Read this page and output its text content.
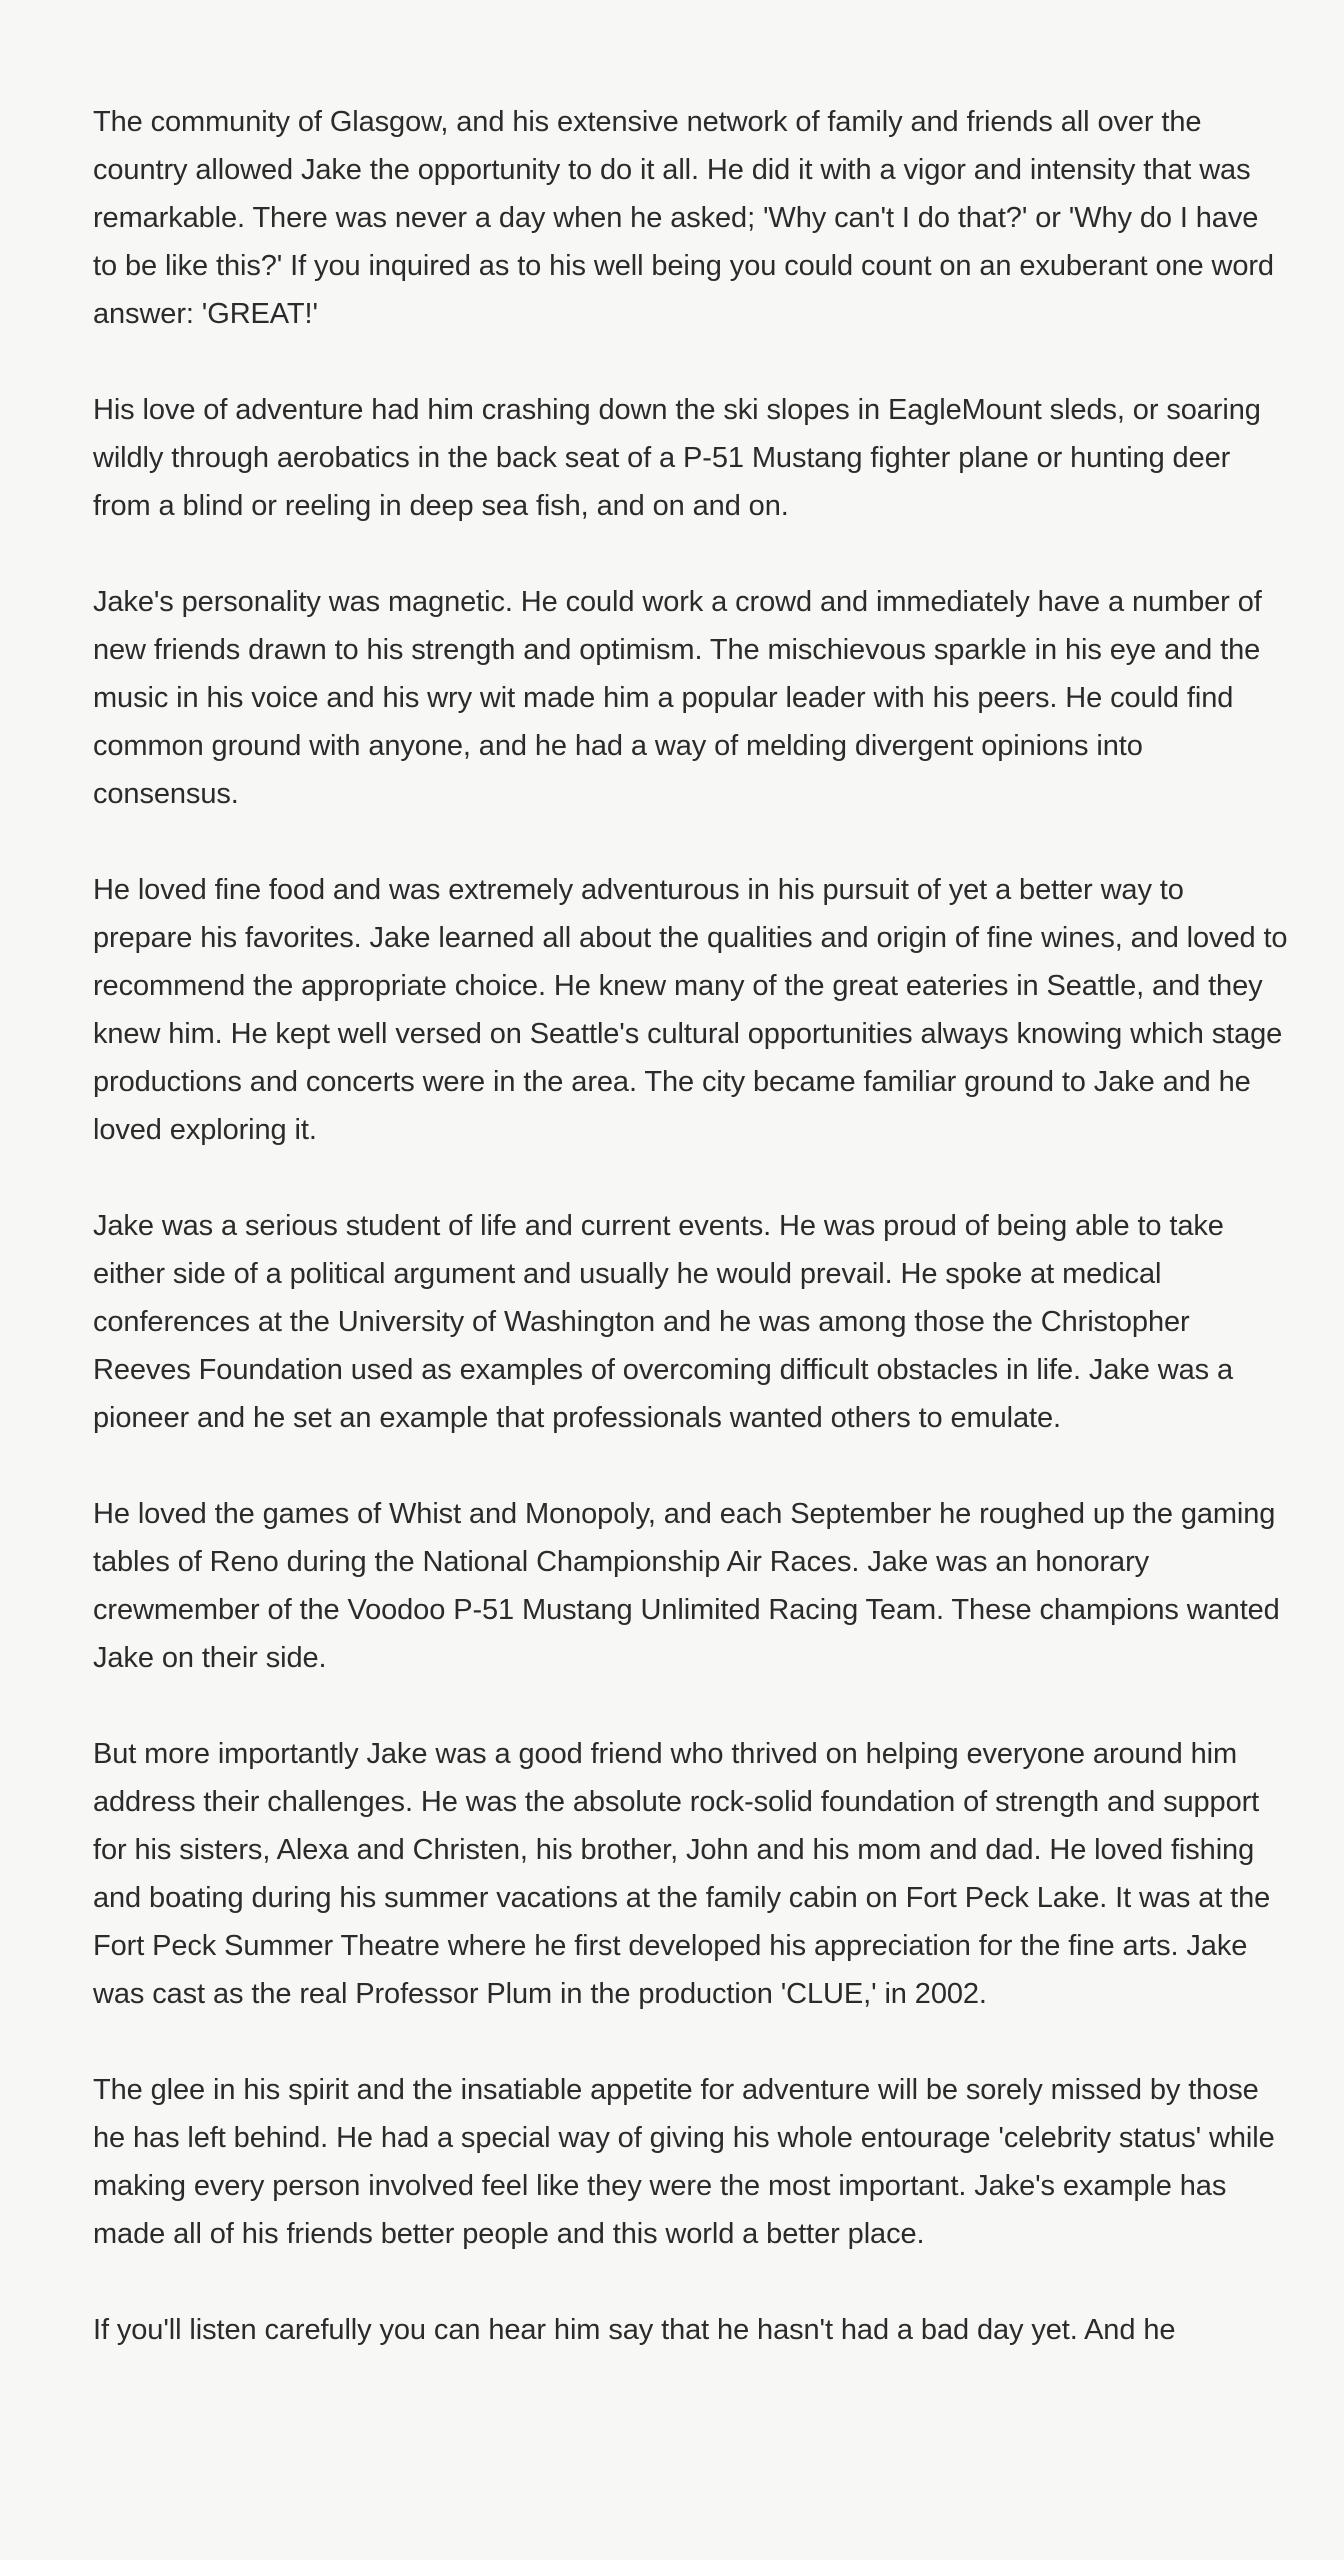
The community of Glasgow, and his extensive network of family and friends all over the country allowed Jake the opportunity to do it all. He did it with a vigor and intensity that was remarkable. There was never a day when he asked; 'Why can't I do that?' or 'Why do I have to be like this?' If you inquired as to his well being you could count on an exuberant one word answer: 'GREAT!'

His love of adventure had him crashing down the ski slopes in EagleMount sleds, or soaring wildly through aerobatics in the back seat of a P-51 Mustang fighter plane or hunting deer from a blind or reeling in deep sea fish, and on and on.

Jake's personality was magnetic. He could work a crowd and immediately have a number of new friends drawn to his strength and optimism. The mischievous sparkle in his eye and the music in his voice and his wry wit made him a popular leader with his peers. He could find common ground with anyone, and he had a way of melding divergent opinions into consensus.

He loved fine food and was extremely adventurous in his pursuit of yet a better way to prepare his favorites. Jake learned all about the qualities and origin of fine wines, and loved to recommend the appropriate choice. He knew many of the great eateries in Seattle, and they knew him. He kept well versed on Seattle's cultural opportunities always knowing which stage productions and concerts were in the area. The city became familiar ground to Jake and he loved exploring it.

Jake was a serious student of life and current events. He was proud of being able to take either side of a political argument and usually he would prevail. He spoke at medical conferences at the University of Washington and he was among those the Christopher Reeves Foundation used as examples of overcoming difficult obstacles in life. Jake was a pioneer and he set an example that professionals wanted others to emulate.

He loved the games of Whist and Monopoly, and each September he roughed up the gaming tables of Reno during the National Championship Air Races. Jake was an honorary crewmember of the Voodoo P-51 Mustang Unlimited Racing Team. These champions wanted Jake on their side.

But more importantly Jake was a good friend who thrived on helping everyone around him address their challenges. He was the absolute rock-solid foundation of strength and support for his sisters, Alexa and Christen, his brother, John and his mom and dad. He loved fishing and boating during his summer vacations at the family cabin on Fort Peck Lake. It was at the Fort Peck Summer Theatre where he first developed his appreciation for the fine arts. Jake was cast as the real Professor Plum in the production 'CLUE,' in 2002.

The glee in his spirit and the insatiable appetite for adventure will be sorely missed by those he has left behind. He had a special way of giving his whole entourage 'celebrity status' while making every person involved feel like they were the most important. Jake's example has made all of his friends better people and this world a better place.

If you'll listen carefully you can hear him say that he hasn't had a bad day yet. And he
